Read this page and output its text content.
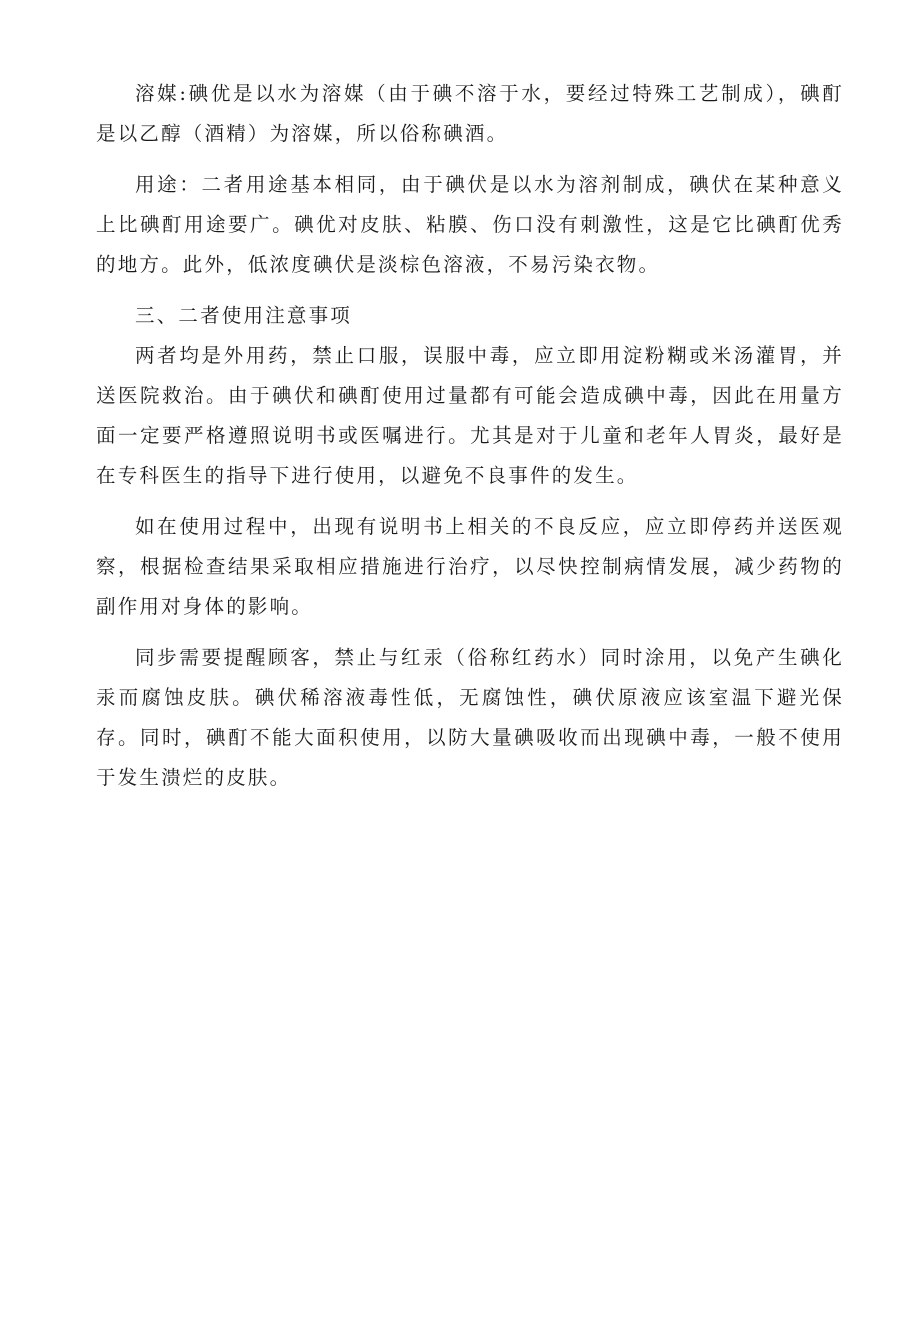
溶媒:碘优是以水为溶媒（由于碘不溶于水，要经过特殊工艺制成），碘酊是以乙醇（酒精）为溶媒，所以俗称碘酒。

用途：二者用途基本相同，由于碘伏是以水为溶剂制成，碘伏在某种意义上比碘酊用途要广。碘优对皮肤、粘膜、伤口没有刺激性，这是它比碘酊优秀的地方。此外，低浓度碘伏是淡棕色溶液，不易污染衣物。

三、二者使用注意事项

两者均是外用药，禁止口服，误服中毒，应立即用淀粉糊或米汤灌胃，并送医院救治。由于碘伏和碘酊使用过量都有可能会造成碘中毒，因此在用量方面一定要严格遵照说明书或医嘱进行。尤其是对于儿童和老年人胃炎，最好是在专科医生的指导下进行使用，以避免不良事件的发生。

如在使用过程中，出现有说明书上相关的不良反应，应立即停药并送医观察，根据检查结果采取相应措施进行治疗，以尽快控制病情发展，减少药物的副作用对身体的影响。

同步需要提醒顾客，禁止与红汞（俗称红药水）同时涂用，以免产生碘化汞而腐蚀皮肤。碘伏稀溶液毒性低，无腐蚀性，碘伏原液应该室温下避光保存。同时，碘酊不能大面积使用，以防大量碘吸收而出现碘中毒，一般不使用于发生溃烂的皮肤。
